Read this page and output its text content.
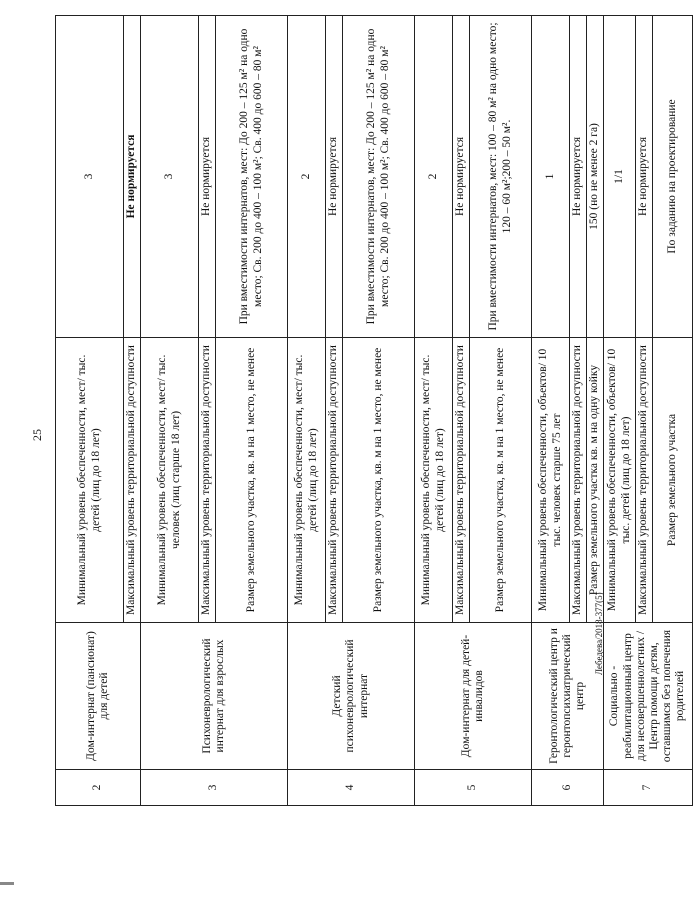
25
Лебедева/2018-377(5)
2	Дом-интернат (пансионат) для детей	Минимальный уровень обеспеченности, мест/ тыс. детей (лиц до 18 лет)	3
		Максимальный уровень территориальной доступности	Не нормируется
3	Психоневрологический интернат для взрослых	Минимальный уровень обеспеченности, мест/ тыс. человек (лиц старше 18 лет)	3
		Максимальный уровень территориальной доступности	Не нормируется
		Размер земельного участка, кв. м на 1 место, не менее	При вместимости интернатов, мест: До 200 – 125 м² на одно место; Св. 200 до 400 – 100 м²; Св. 400 до 600 – 80 м²
4	Детский психоневрологический интернат	Минимальный уровень обеспеченности, мест/ тыс. детей (лиц до 18 лет)	2
		Максимальный уровень территориальной доступности	Не нормируется
		Размер земельного участка, кв. м на 1 место, не менее	При вместимости интернатов, мест: До 200 – 125 м² на одно место; Св. 200 до 400 – 100 м²; Св. 400 до 600 – 80 м²
5	Дом-интернат для детей-инвалидов	Минимальный уровень обеспеченности, мест/ тыс. детей (лиц до 18 лет)	2
		Максимальный уровень территориальной доступности	Не нормируется
		Размер земельного участка, кв. м на 1 место, не менее	При вместимости интернатов, мест: 100 – 80 м² на одно место; 120 – 60 м²;200 – 50 м².
6	Геронтологический центр и геронтопсихиатрический центр	Минимальный уровень обеспеченности, объектов/ 10 тыс. человек старше 75 лет	1
		Максимальный уровень территориальной доступности	Не нормируется
		Размер земельного участка кв. м на одну койку	150 (но не менее 2 га)
7	Социально - реабилитационный центр для несовершеннолетних / Центр помощи детям, оставшимся без попечения родителей	Минимальный уровень обеспеченности, объектов/ 10 тыс. детей (лиц до 18 лет)	1/1
		Максимальный уровень территориальной доступности	Не нормируется
		Размер земельного участка	По заданию на проектирование
